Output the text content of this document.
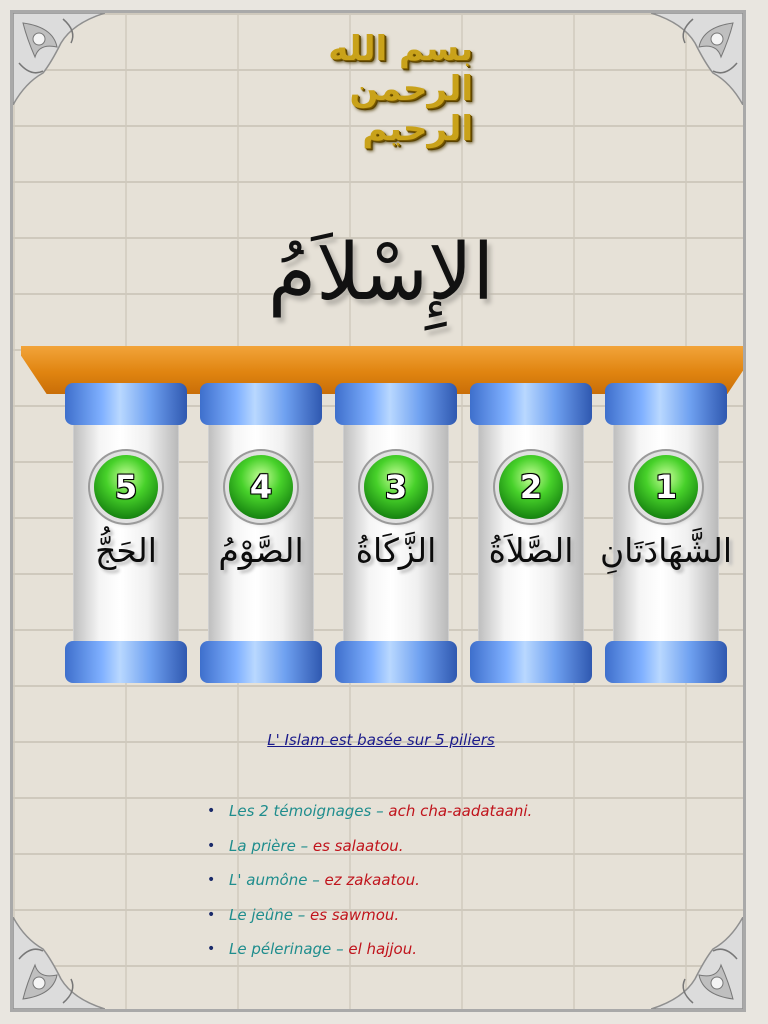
بسم الله الرحمن الرحيم
الإِسْلاَمُ
5
الحَجُّ
4
الصَّوْمُ
3
الزَّكَاةُ
2
الصَّلاَةُ
1
الشَّهَادَتَانِ
L' Islam est basée sur 5 piliers
• Les 2 témoignages – ach cha-aadataani.
• La prière – es salaatou.
• L' aumône – ez zakaatou.
• Le jeûne – es sawmou.
• Le pélerinage – el hajjou.
